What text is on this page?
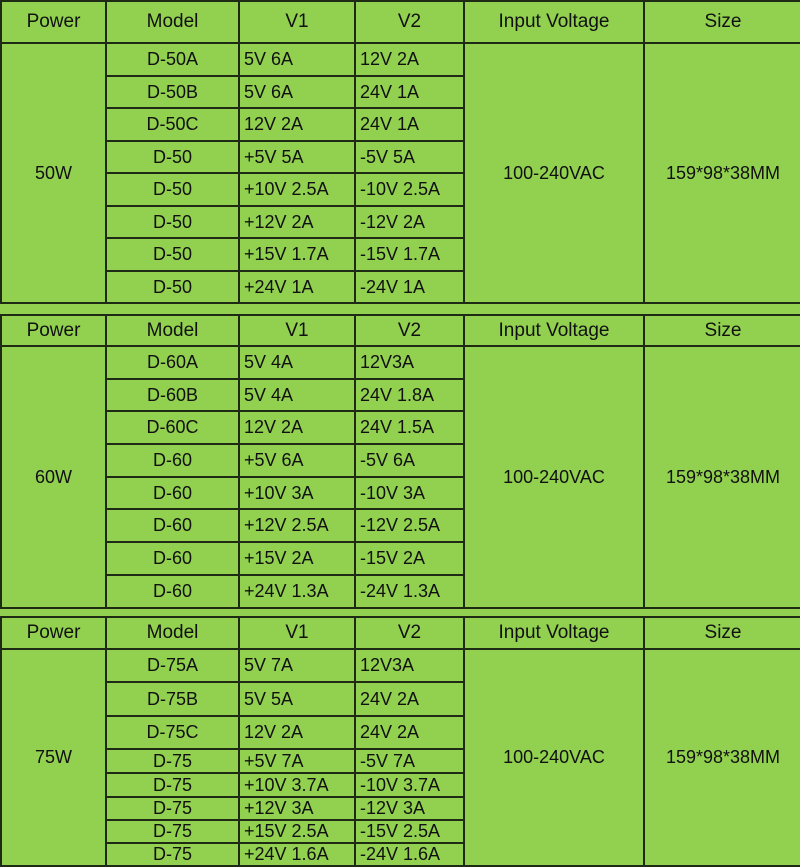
Power	Model	V1	V2	Input Voltage	Size
50W	D-50A	5V 6A	12V 2A	100-240VAC	159*98*38MM
	D-50B	5V 6A	24V 1A		
	D-50C	12V 2A	24V 1A		
	D-50	+5V 5A	-5V 5A		
	D-50	+10V 2.5A	-10V 2.5A		
	D-50	+12V 2A	-12V 2A		
	D-50	+15V 1.7A	-15V 1.7A		
	D-50	+24V 1A	-24V 1A		
Power	Model	V1	V2	Input Voltage	Size
60W	D-60A	5V 4A	12V3A	100-240VAC	159*98*38MM
	D-60B	5V 4A	24V 1.8A		
	D-60C	12V 2A	24V 1.5A		
	D-60	+5V 6A	-5V 6A		
	D-60	+10V 3A	-10V 3A		
	D-60	+12V 2.5A	-12V 2.5A		
	D-60	+15V 2A	-15V 2A		
	D-60	+24V 1.3A	-24V 1.3A		
Power	Model	V1	V2	Input Voltage	Size
75W	D-75A	5V 7A	12V3A	100-240VAC	159*98*38MM
	D-75B	5V 5A	24V 2A		
	D-75C	12V 2A	24V 2A		
	D-75	+5V 7A	-5V 7A		
	D-75	+10V 3.7A	-10V 3.7A		
	D-75	+12V 3A	-12V 3A		
	D-75	+15V 2.5A	-15V 2.5A		
	D-75	+24V 1.6A	-24V 1.6A		
